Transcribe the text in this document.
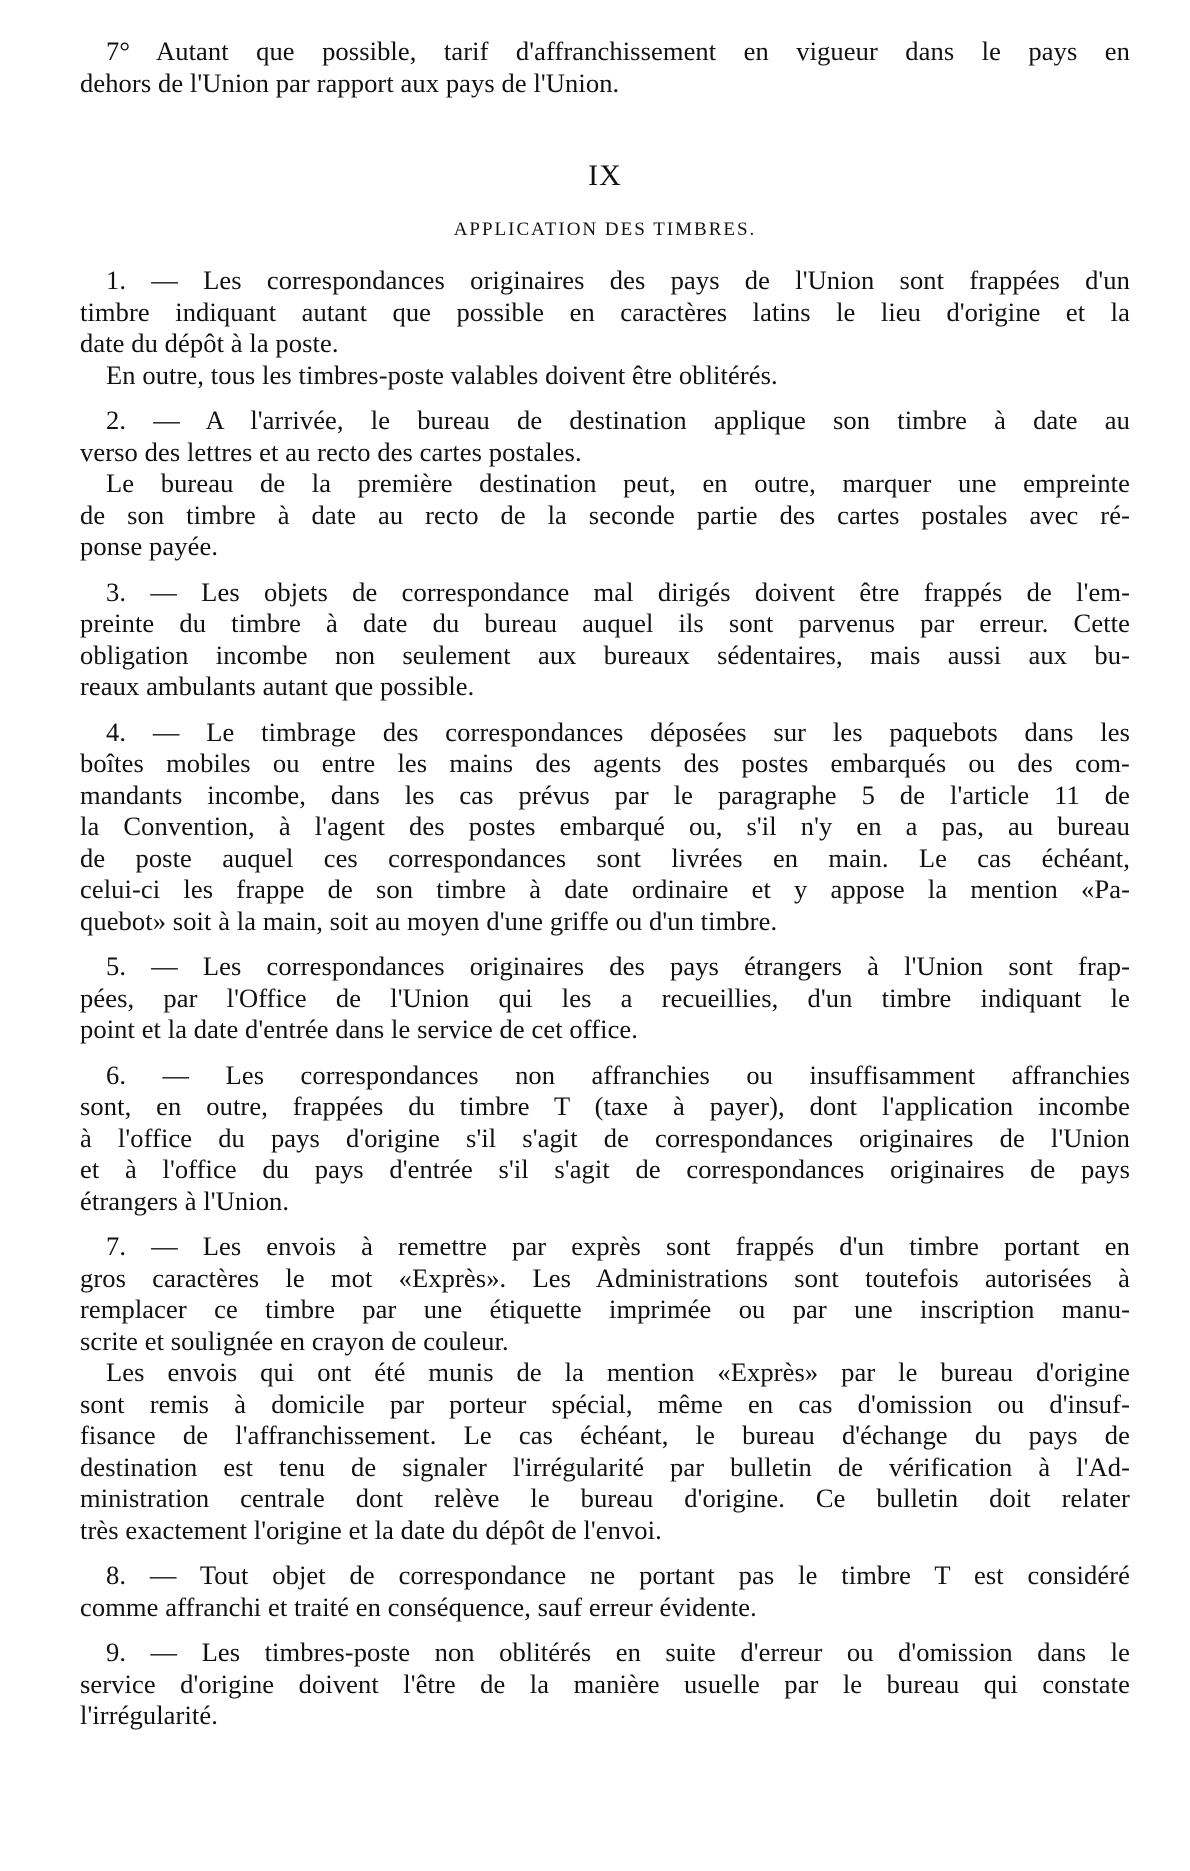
7° Autant que possible, tarif d'affranchissement en vigueur dans le pays en
dehors de l'Union par rapport aux pays de l'Union.

IX
APPLICATION DES TIMBRES.

1. — Les correspondances originaires des pays de l'Union sont frappées d'un
timbre indiquant autant que possible en caractères latins le lieu d'origine et la
date du dépôt à la poste.

En outre, tous les timbres-poste valables doivent être oblitérés.

2. — A l'arrivée, le bureau de destination applique son timbre à date au
verso des lettres et au recto des cartes postales.

Le bureau de la première destination peut, en outre, marquer une empreinte
de son timbre à date au recto de la seconde partie des cartes postales avec ré-
ponse payée.

3. — Les objets de correspondance mal dirigés doivent être frappés de l'em-
preinte du timbre à date du bureau auquel ils sont parvenus par erreur. Cette
obligation incombe non seulement aux bureaux sédentaires, mais aussi aux bu-
reaux ambulants autant que possible.

4. — Le timbrage des correspondances déposées sur les paquebots dans les
boîtes mobiles ou entre les mains des agents des postes embarqués ou des com-
mandants incombe, dans les cas prévus par le paragraphe 5 de l'article 11 de
la Convention, à l'agent des postes embarqué ou, s'il n'y en a pas, au bureau
de poste auquel ces correspondances sont livrées en main. Le cas échéant,
celui-ci les frappe de son timbre à date ordinaire et y appose la mention «Pa-
quebot» soit à la main, soit au moyen d'une griffe ou d'un timbre.

5. — Les correspondances originaires des pays étrangers à l'Union sont frap-
pées, par l'Office de l'Union qui les a recueillies, d'un timbre indiquant le
point et la date d'entrée dans le service de cet office.

6. — Les correspondances non affranchies ou insuffisamment affranchies
sont, en outre, frappées du timbre T (taxe à payer), dont l'application incombe
à l'office du pays d'origine s'il s'agit de correspondances originaires de l'Union
et à l'office du pays d'entrée s'il s'agit de correspondances originaires de pays
étrangers à l'Union.

7. — Les envois à remettre par exprès sont frappés d'un timbre portant en
gros caractères le mot «Exprès». Les Administrations sont toutefois autorisées à
remplacer ce timbre par une étiquette imprimée ou par une inscription manu-
scrite et soulignée en crayon de couleur.

Les envois qui ont été munis de la mention «Exprès» par le bureau d'origine
sont remis à domicile par porteur spécial, même en cas d'omission ou d'insuf-
fisance de l'affranchissement. Le cas échéant, le bureau d'échange du pays de
destination est tenu de signaler l'irrégularité par bulletin de vérification à l'Ad-
ministration centrale dont relève le bureau d'origine. Ce bulletin doit relater
très exactement l'origine et la date du dépôt de l'envoi.

8. — Tout objet de correspondance ne portant pas le timbre T est considéré
comme affranchi et traité en conséquence, sauf erreur évidente.

9. — Les timbres-poste non oblitérés en suite d'erreur ou d'omission dans le
service d'origine doivent l'être de la manière usuelle par le bureau qui constate
l'irrégularité.
